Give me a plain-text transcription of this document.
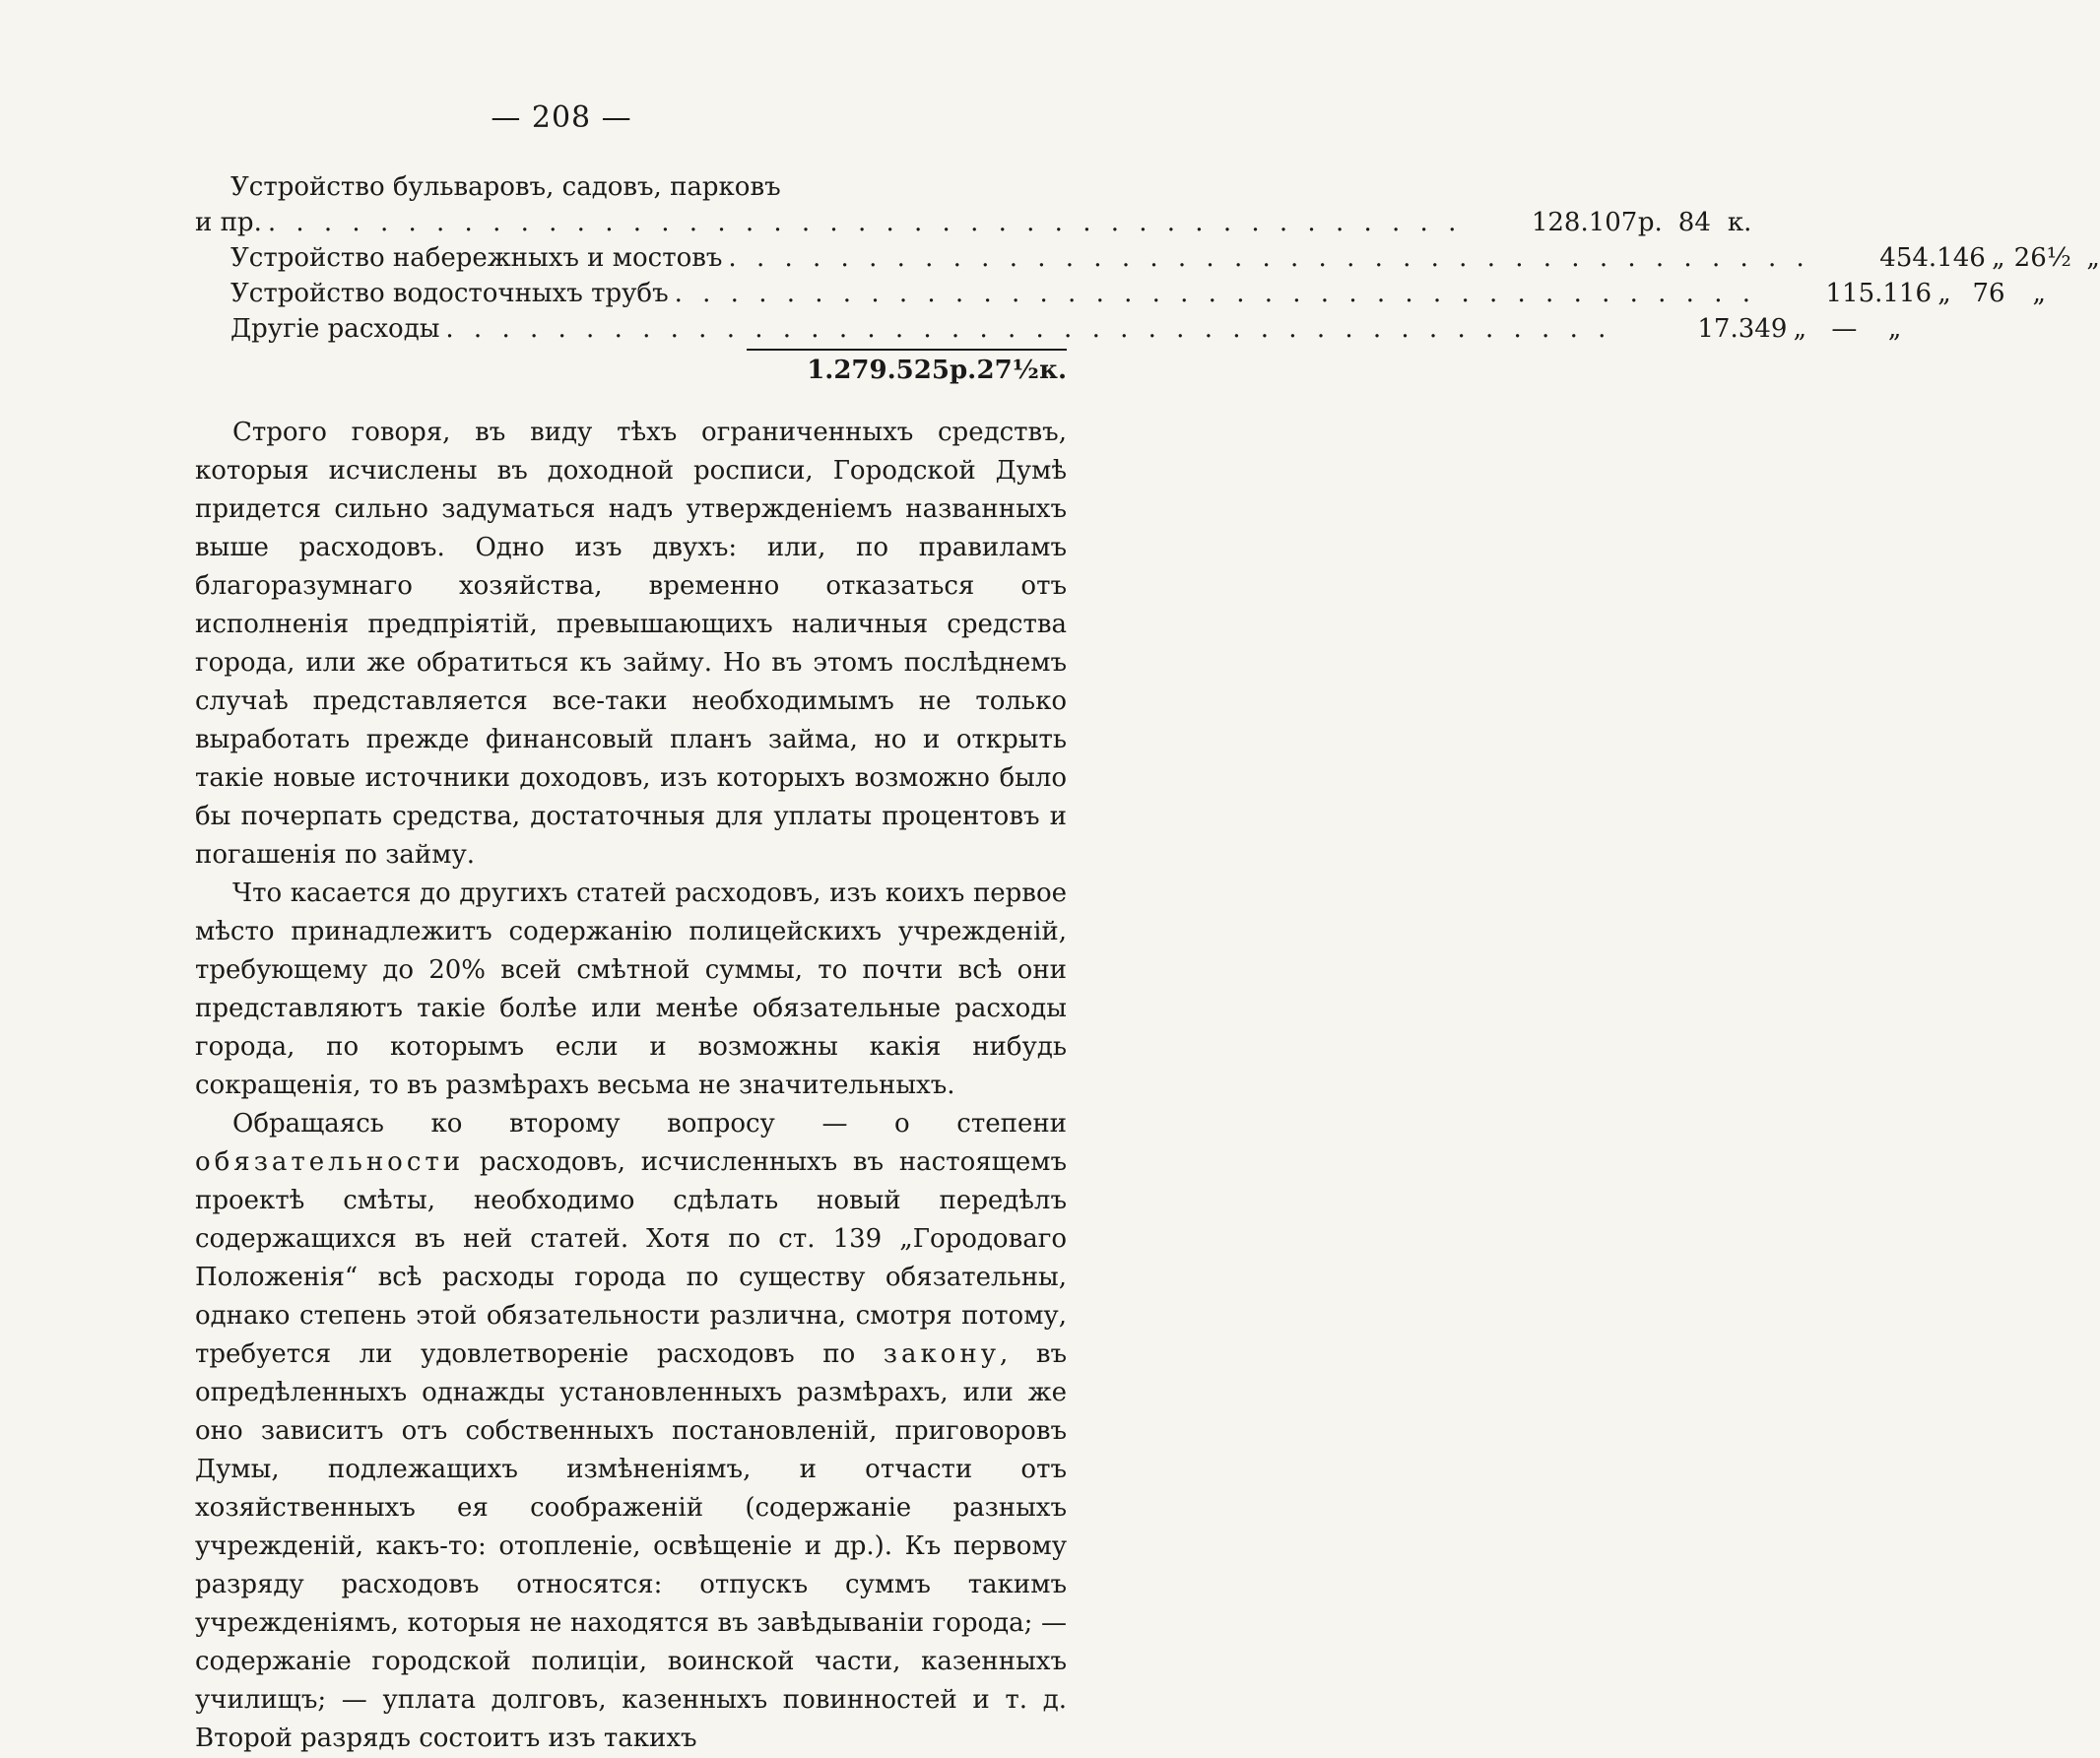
— 208 —
Устройство бульваровъ, садовъ, парковъ
и пр. . . . . . . . . . . . . . . . . . . . . . . . . . . . . . . . . . . . . . . . . . . .	128.107 р. 84 к.
Устройство набережныхъ и мостовъ . . . . . . . . . . . . . . . . . . . . . . . . . . . . . . . . . . . . . . .	454.146 „ 26½ „
Устройство водосточныхъ трубъ . . . . . . . . . . . . . . . . . . . . . . . . . . . . . . . . . . . . . . .	115.116 „ 76	„
Другіе расходы . . . . . . . . . . . . . . . . . . . . . . . . . . . . . . . . . . . . . . . . . .	17.349 „ —	„
1.279.525 р. 27½ к.

Строго говоря, въ виду тѣхъ ограниченныхъ средствъ, которыя исчислены въ доходной росписи, Городской Думѣ придется сильно задуматься надъ утвержденіемъ названныхъ выше расходовъ. Одно изъ двухъ: или, по правиламъ благоразумнаго хозяйства, временно отказаться отъ исполненія предпріятій, превышающихъ наличныя средства города, или же обратиться къ займу. Но въ этомъ послѣднемъ случаѣ представляется все-таки необходимымъ не только выработать прежде финансовый планъ займа, но и открыть такіе новые источники доходовъ, изъ которыхъ возможно было бы почерпать средства, достаточныя для уплаты процентовъ и погашенія по займу.

Что касается до другихъ статей расходовъ, изъ коихъ первое мѣсто принадлежитъ содержанію полицейскихъ учрежденій, требующему до 20% всей смѣтной суммы, то почти всѣ они представляютъ такіе болѣе или менѣе обязательные расходы города, по которымъ если и возможны какія нибудь сокращенія, то въ размѣрахъ весьма не значительныхъ.

Обращаясь ко второму вопросу — о степени обязательности расходовъ, исчисленныхъ въ настоящемъ проектѣ смѣты, необходимо сдѣлать новый передѣлъ содержащихся въ ней статей. Хотя по ст. 139 „Городоваго Положенія“ всѣ расходы города по существу обязательны, однако степень этой обязательности различна, смотря потому, требуется ли удовлетвореніе расходовъ по закону, въ опредѣленныхъ однажды установленныхъ размѣрахъ, или же оно зависитъ отъ собственныхъ постановленій, приговоровъ Думы, подлежащихъ измѣненіямъ, и отчасти отъ хозяйственныхъ ея соображеній (содержаніе разныхъ учрежденій, какъ-то: отопленіе, освѣщеніе и др.). Къ первому разряду расходовъ относятся: отпускъ суммъ такимъ учрежденіямъ, которыя не находятся въ завѣдываніи города; — содержаніе городской полиціи, воинской части, казенныхъ училищъ; — уплата долговъ, казенныхъ повинностей и т. д. Второй разрядъ состоитъ изъ такихъ
